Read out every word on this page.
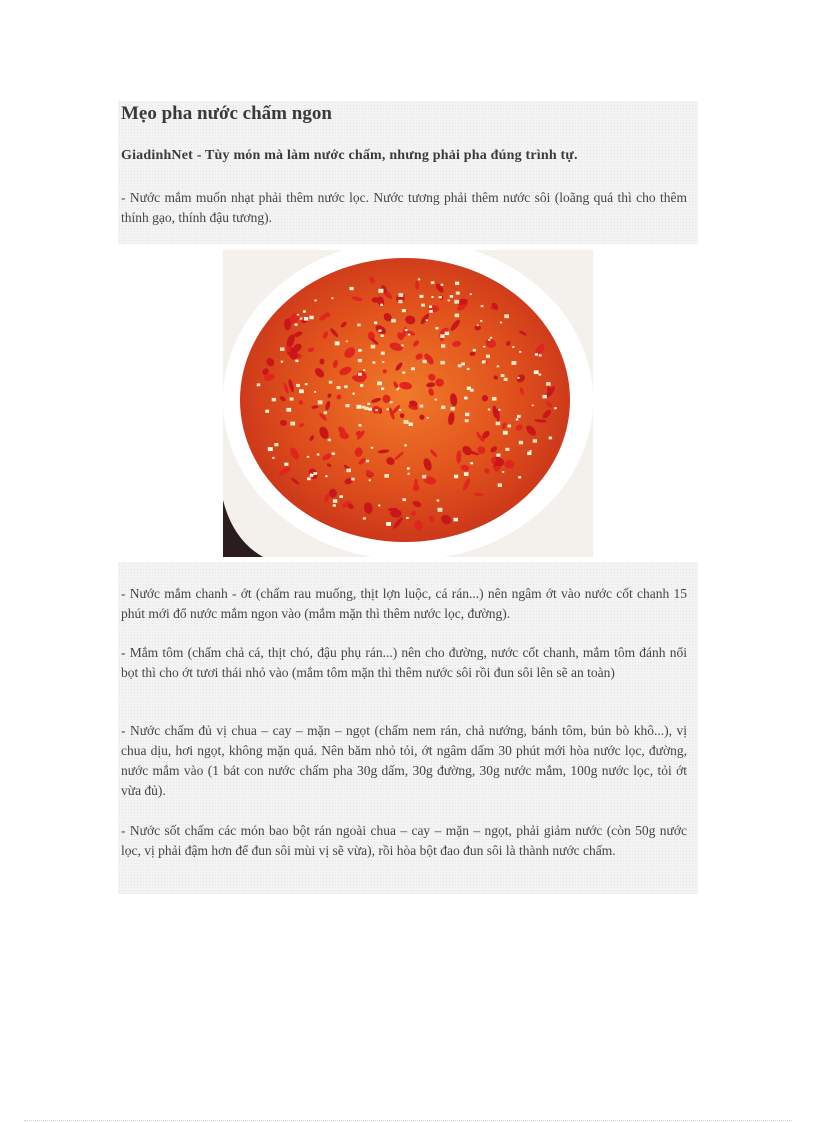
Mẹo pha nước chấm ngon

GiadinhNet - Tùy món mà làm nước chấm, nhưng phải pha đúng trình tự.

- Nước mắm muốn nhạt phải thêm nước lọc. Nước tương phải thêm nước sôi (loãng quá thì cho thêm thính gạo, thính đậu tương).

- Nước mắm chanh - ớt (chấm rau muống, thịt lợn luộc, cá rán...) nên ngâm ớt vào nước cốt chanh 15 phút mới đổ nước mắm ngon vào (mắm mặn thì thêm nước lọc, đường).

- Mắm tôm (chấm chả cá, thịt chó, đậu phụ rán...) nên cho đường, nước cốt chanh, mắm tôm đánh nổi bọt thì cho ớt tươi thái nhỏ vào (mắm tôm mặn thì thêm nước sôi rồi đun sôi lên sẽ an toàn)

- Nước chấm đủ vị chua – cay – mặn – ngọt (chấm nem rán, chả nướng, bánh tôm, bún bò khô...), vị chua dịu, hơi ngọt, không mặn quá. Nên băm nhỏ tỏi, ớt ngâm dấm 30 phút mới hòa nước lọc, đường, nước mắm vào (1 bát con nước chấm pha 30g dấm, 30g đường, 30g nước mắm, 100g nước lọc, tỏi ớt vừa đủ).

- Nước sốt chấm các món bao bột rán ngoài chua – cay – mặn – ngọt, phải giảm nước (còn 50g nước lọc, vị phải đậm hơn để đun sôi mùi vị sẽ vừa), rồi hòa bột đao đun sôi là thành nước chấm.
